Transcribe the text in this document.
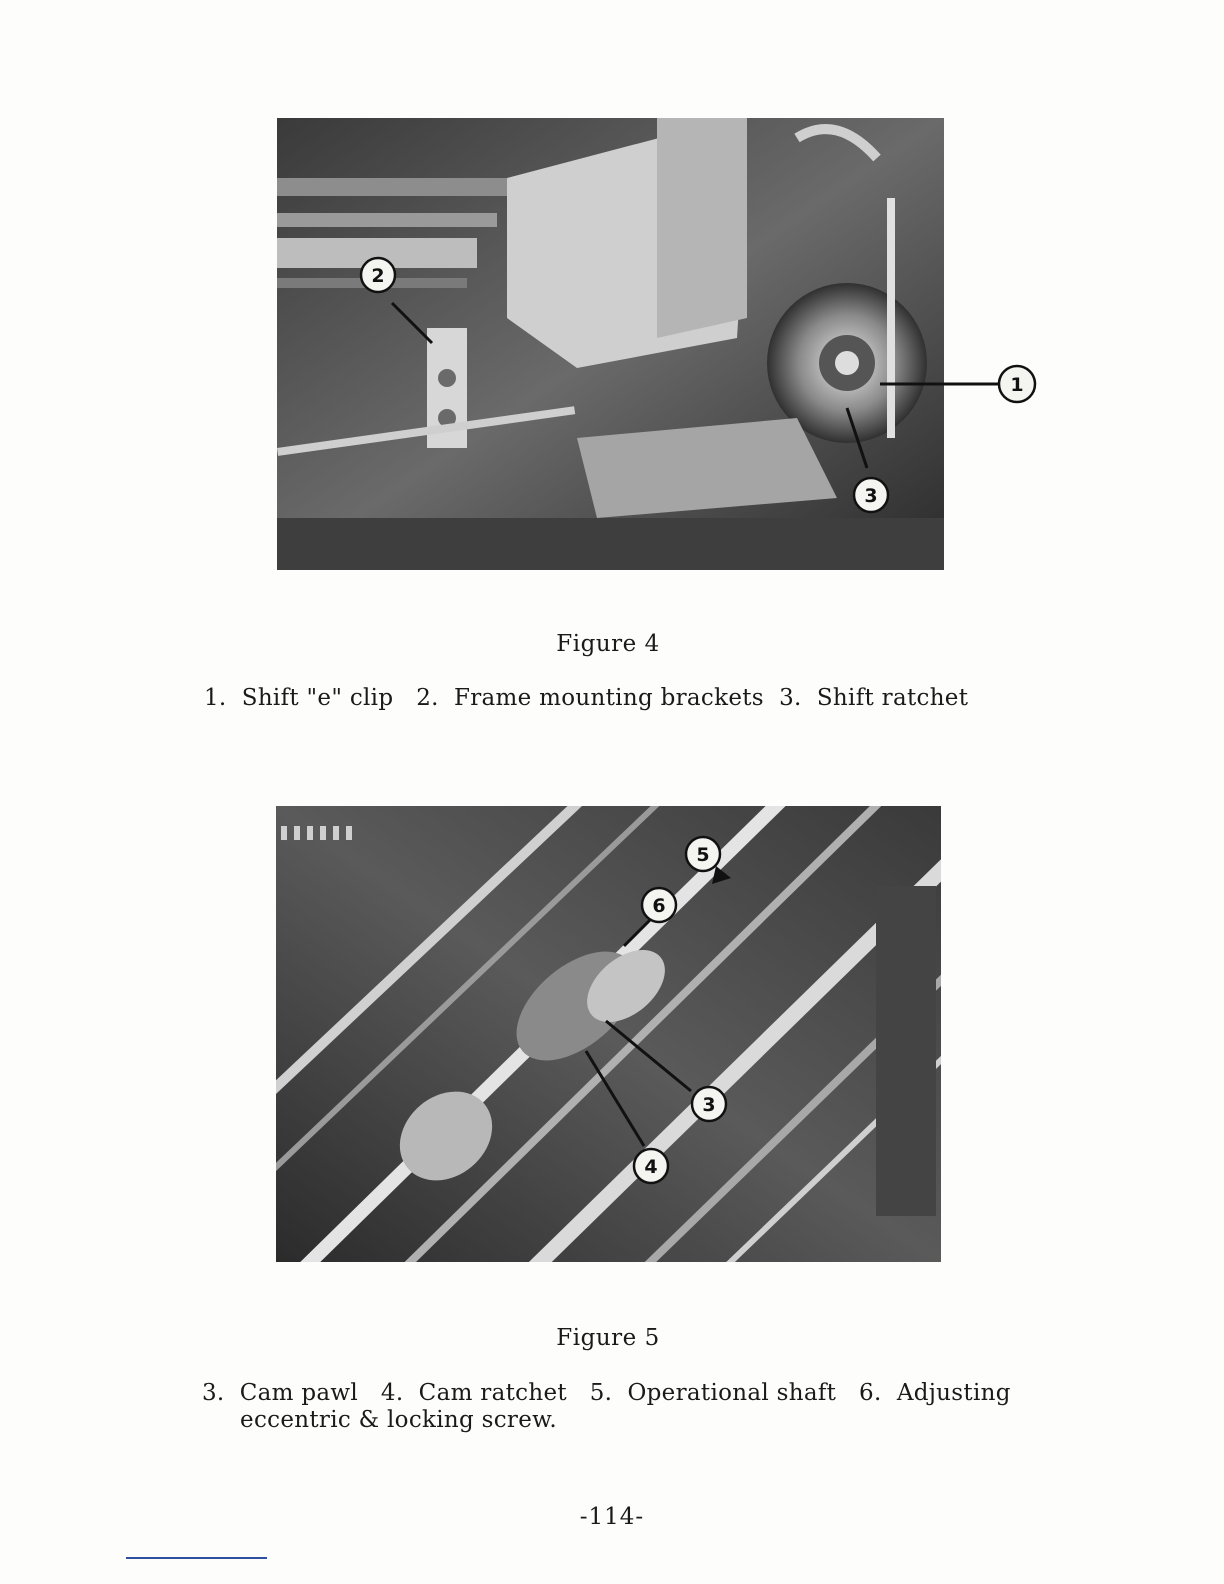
2
3
1
Figure 4
1.  Shift "e" clip   2.  Frame mounting brackets  3.  Shift ratchet
5
6
3
4
Figure 5
3.  Cam pawl   4.  Cam ratchet   5.  Operational shaft   6.  Adjusting
eccentric & locking screw.
-114-
